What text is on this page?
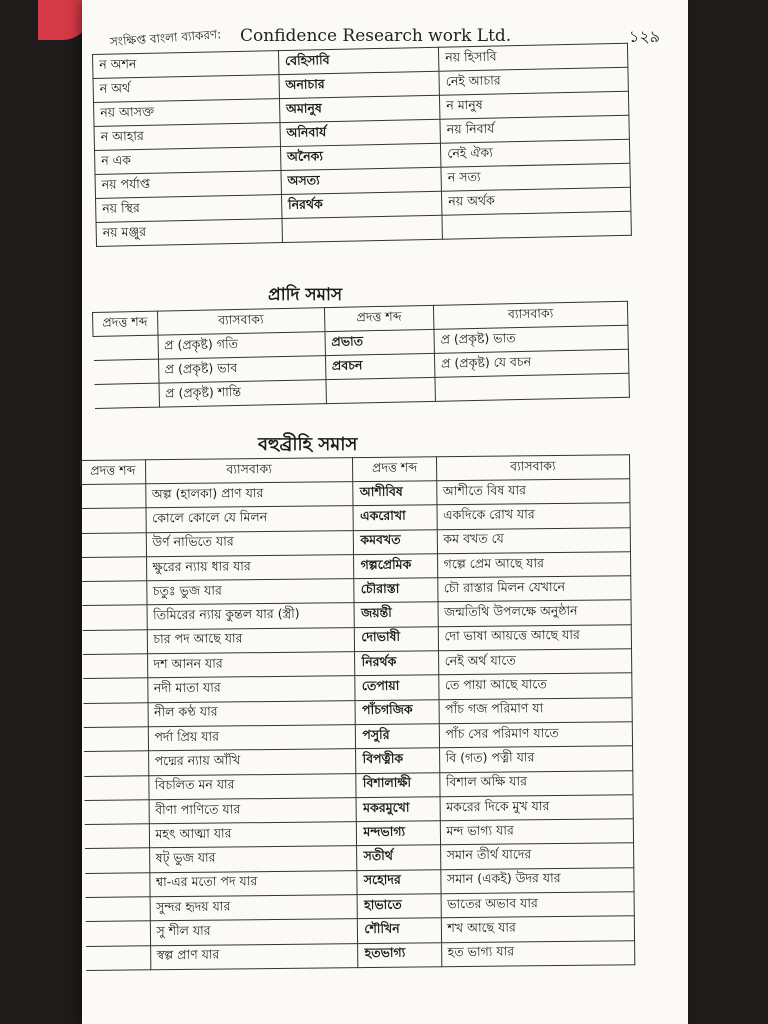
সংক্ষিপ্ত বাংলা ব্যাকরণ: Confidence Research work Ltd.	১২৯
ন অশন	বেহিসাবি	নয় হিসাবি
ন অর্থ	অনাচার	নেই আচার
নয় আসক্ত	অমানুষ	ন মানুষ
ন আহার	অনিবার্য	নয় নিবার্য
ন এক	অনৈক্য	নেই ঐক্য
নয় পর্যাপ্ত	অসত্য	ন সত্য
নয় স্থির	নিরর্থক	নয় অর্থক
নয় মঞ্জুর		
প্রাদি সমাস
প্রদত্ত শব্দ	ব্যাসবাক্য	প্রদত্ত শব্দ	ব্যাসবাক্য
	প্র (প্রকৃষ্ট) গতি	প্রভাত	প্র (প্রকৃষ্ট) ভাত
	প্র (প্রকৃষ্ট) ভাব	প্রবচন	প্র (প্রকৃষ্ট) যে বচন
	প্র (প্রকৃষ্ট) শান্তি		
বহুব্রীহি সমাস
প্রদত্ত শব্দ	ব্যাসবাক্য	প্রদত্ত শব্দ	ব্যাসবাক্য
	অল্প (হালকা) প্রাণ যার	আশীবিষ	আশীতে বিষ যার
	কোলে কোলে যে মিলন	একরোখা	একদিকে রোখ যার
	উর্ণ নাভিতে যার	কমবখত	কম বখত যে
	ক্ষুরের ন্যায় ধার যার	গল্পপ্রেমিক	গল্পে প্রেম আছে যার
	চতুঃ ভুজ যার	চৌরাস্তা	চৌ রাস্তার মিলন যেখানে
	তিমিরের ন্যায় কুন্তল যার (স্ত্রী)	জয়ন্তী	জন্মতিথি উপলক্ষে অনুষ্ঠান
	চার পদ আছে যার	দোভাষী	দো ভাষা আয়ত্তে আছে যার
	দশ আনন যার	নিরর্থক	নেই অর্থ যাতে
	নদী মাতা যার	তেপায়া	তে পায়া আছে যাতে
	নীল কণ্ঠ যার	পাঁচগজিক	পাঁচ গজ পরিমাণ যা
	পর্দা প্রিয় যার	পসুরি	পাঁচ সের পরিমাণ যাতে
	পদ্মের ন্যায় আঁখি	বিপত্নীক	বি (গত) পত্নী যার
	বিচলিত মন যার	বিশালাক্ষী	বিশাল অক্ষি যার
	বীণা পাণিতে যার	মকরমুখো	মকরের দিকে মুখ যার
	মহৎ আত্মা যার	মন্দভাগ্য	মন্দ ভাগ্য যার
	ষট্ ভুজ যার	সতীর্থ	সমান তীর্থ যাদের
	শ্বা-এর মতো পদ যার	সহোদর	সমান (একই) উদর যার
	সুন্দর হৃদয় যার	হাভাতে	ভাতের অভাব যার
	সু শীল যার	শৌখিন	শখ আছে যার
	স্বল্প প্রাণ যার	হতভাগ্য	হত ভাগ্য যার
